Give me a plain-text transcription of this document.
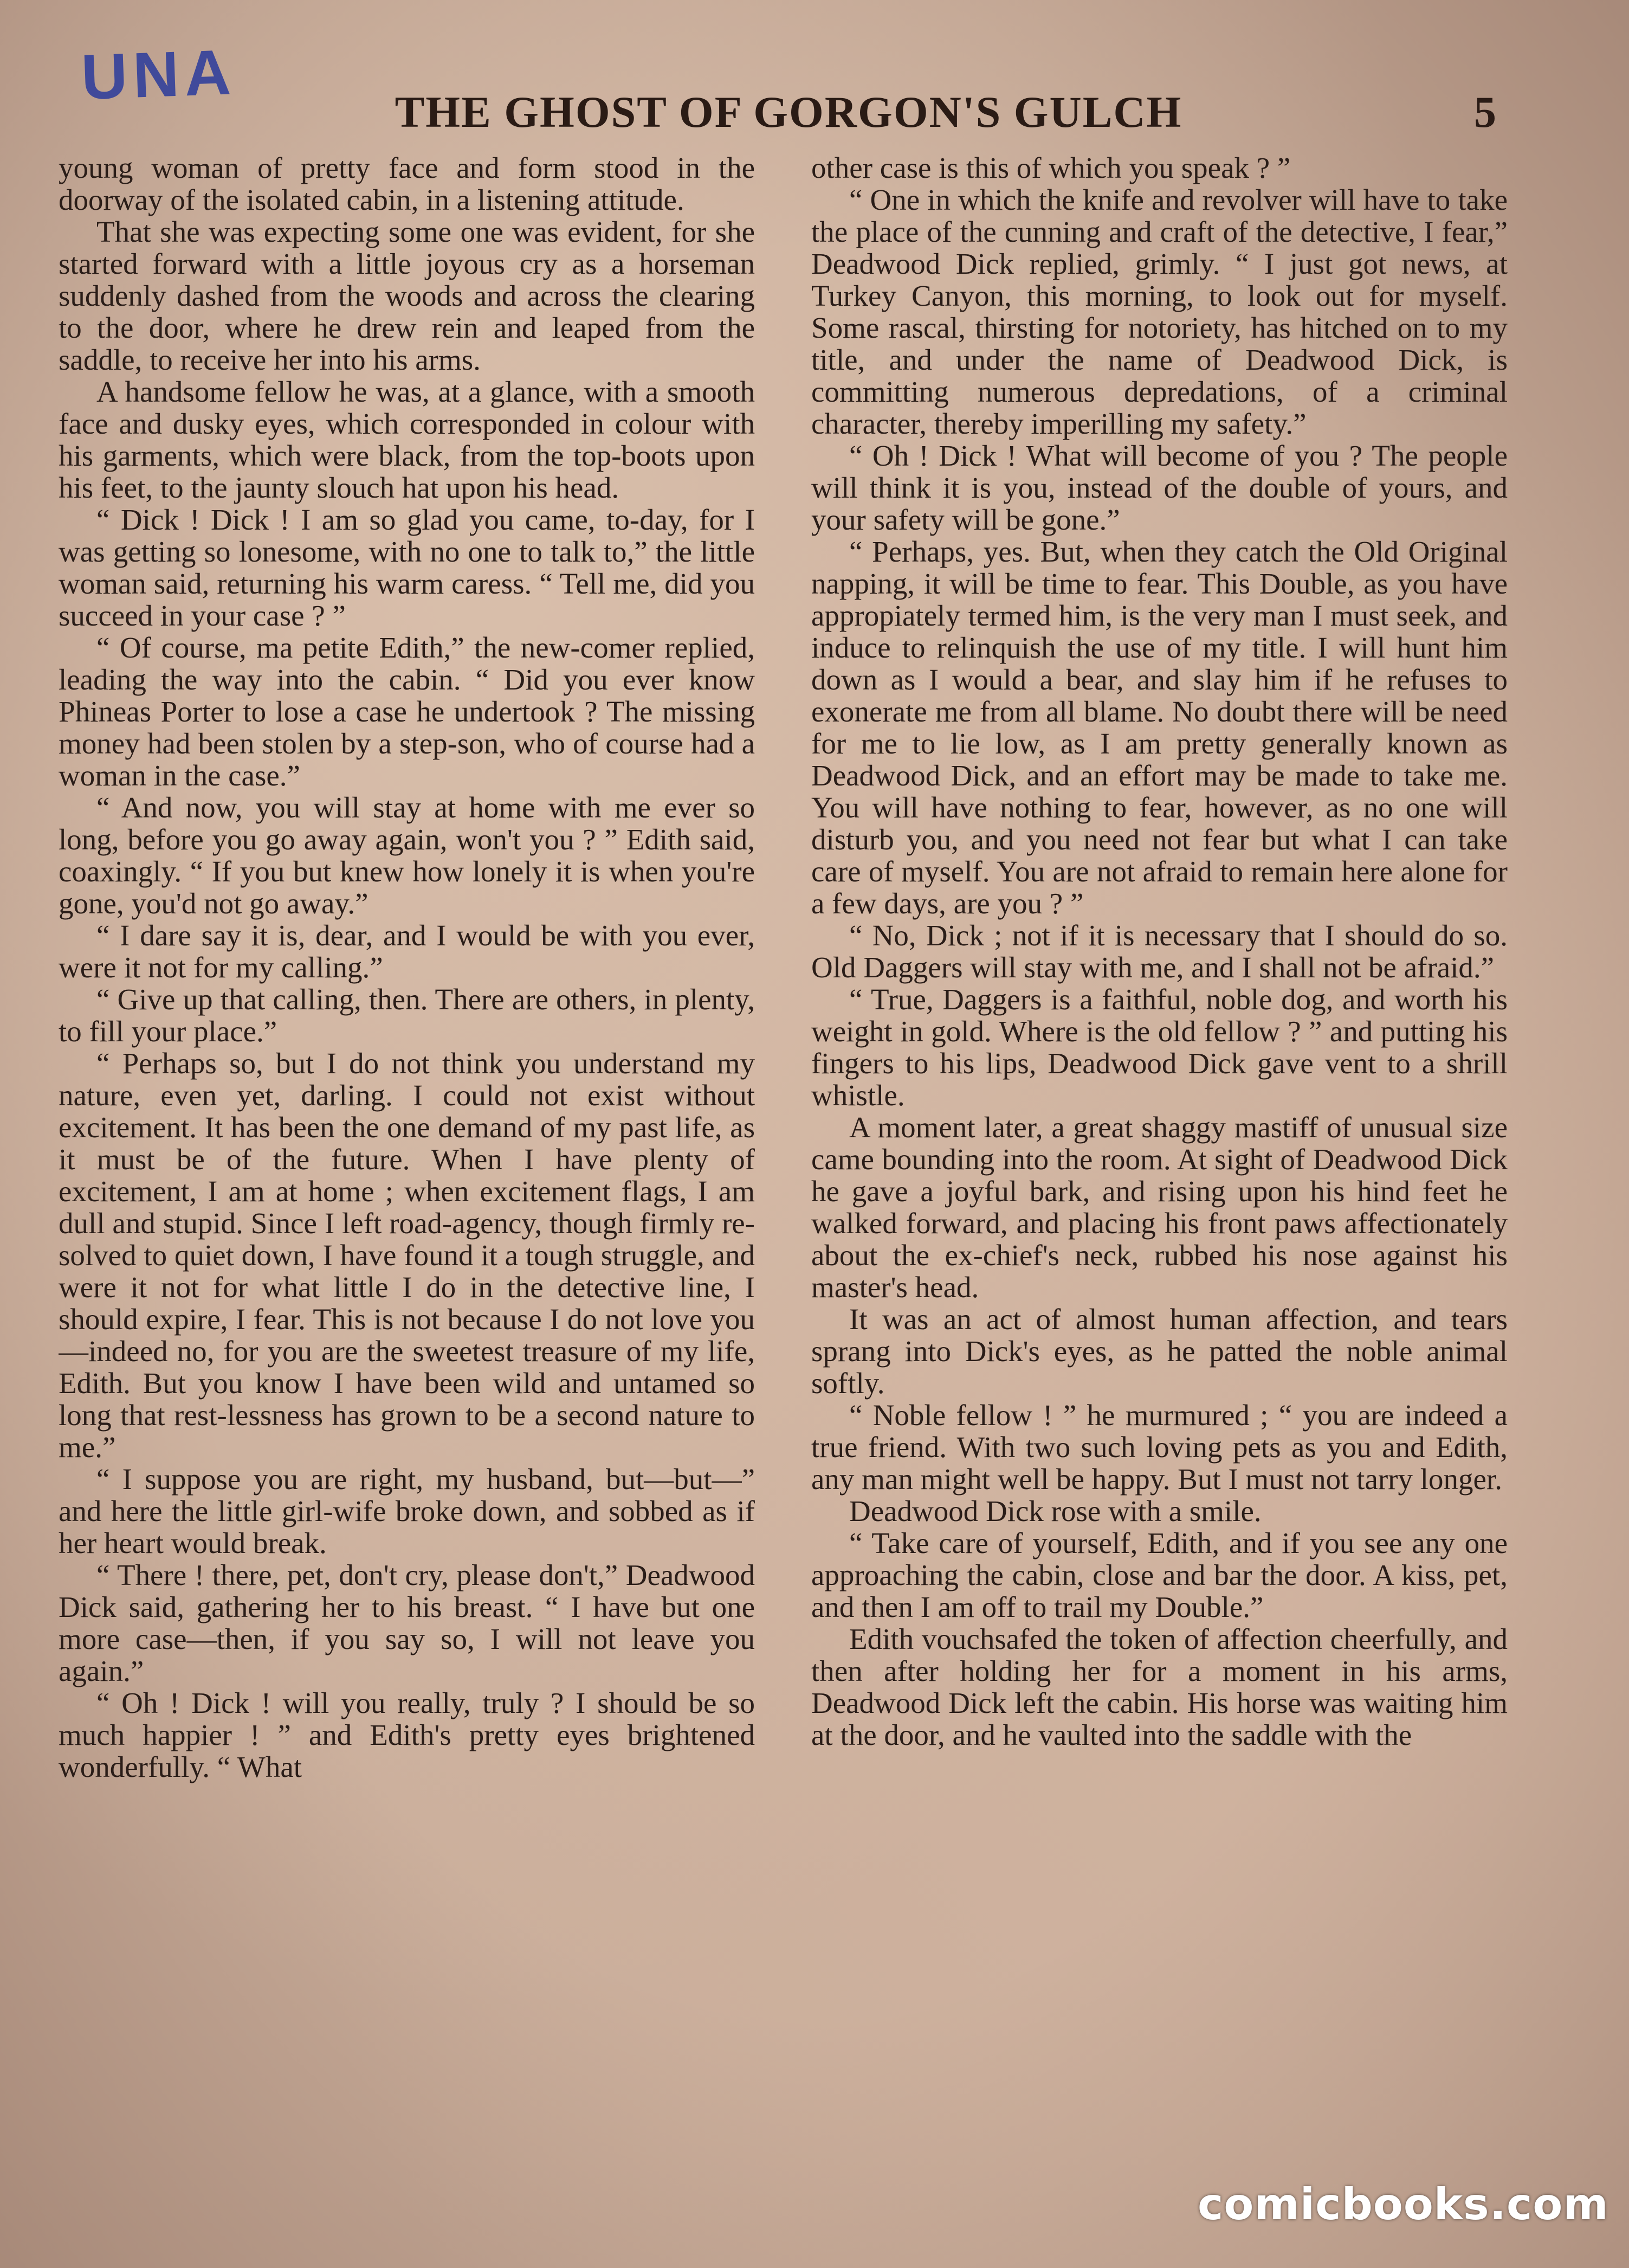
UNA	THE GHOST OF GORGON'S GULCH	5

young woman of pretty face and form stood in the doorway of the isolated cabin, in a listening attitude.

That she was expecting some one was evident, for she started forward with a little joyous cry as a horseman suddenly dashed from the woods and across the clearing to the door, where he drew rein and leaped from the saddle, to receive her into his arms.

A handsome fellow he was, at a glance, with a smooth face and dusky eyes, which corresponded in colour with his garments, which were black, from the top-boots upon his feet, to the jaunty slouch hat upon his head.

“ Dick ! Dick ! I am so glad you came, to-day, for I was getting so lonesome, with no one to talk to,” the little woman said, returning his warm caress. “ Tell me, did you succeed in your case ? ”

“ Of course, ma petite Edith,” the new-comer replied, leading the way into the cabin. “ Did you ever know Phineas Porter to lose a case he undertook ? The missing money had been stolen by a step-son, who of course had a woman in the case.”

“ And now, you will stay at home with me ever so long, before you go away again, won't you ? ” Edith said, coaxingly. “ If you but knew how lonely it is when you're gone, you'd not go away.”

“ I dare say it is, dear, and I would be with you ever, were it not for my calling.”

“ Give up that calling, then. There are others, in plenty, to fill your place.”

“ Perhaps so, but I do not think you understand my nature, even yet, darling. I could not exist without excitement. It has been the one demand of my past life, as it must be of the future. When I have plenty of excitement, I am at home ; when excitement flags, I am dull and stupid. Since I left road-agency, though firmly re-solved to quiet down, I have found it a tough struggle, and were it not for what little I do in the detective line, I should expire, I fear. This is not because I do not love you—indeed no, for you are the sweetest treasure of my life, Edith. But you know I have been wild and untamed so long that rest-lessness has grown to be a second nature to me.”

“ I suppose you are right, my husband, but—but—” and here the little girl-wife broke down, and sobbed as if her heart would break.

“ There ! there, pet, don't cry, please don't,” Deadwood Dick said, gathering her to his breast. “ I have but one more case—then, if you say so, I will not leave you again.”

“ Oh ! Dick ! will you really, truly ? I should be so much happier ! ” and Edith's pretty eyes brightened wonderfully. “ What

other case is this of which you speak ? ”

“ One in which the knife and revolver will have to take the place of the cunning and craft of the detective, I fear,” Deadwood Dick replied, grimly. “ I just got news, at Turkey Canyon, this morning, to look out for myself. Some rascal, thirsting for notoriety, has hitched on to my title, and under the name of Deadwood Dick, is committing numerous depredations, of a criminal character, thereby imperilling my safety.”

“ Oh ! Dick ! What will become of you ? The people will think it is you, instead of the double of yours, and your safety will be gone.”

“ Perhaps, yes. But, when they catch the Old Original napping, it will be time to fear. This Double, as you have appropiately termed him, is the very man I must seek, and induce to relinquish the use of my title. I will hunt him down as I would a bear, and slay him if he refuses to exonerate me from all blame. No doubt there will be need for me to lie low, as I am pretty generally known as Deadwood Dick, and an effort may be made to take me. You will have nothing to fear, however, as no one will disturb you, and you need not fear but what I can take care of myself. You are not afraid to remain here alone for a few days, are you ? ”

“ No, Dick ; not if it is necessary that I should do so. Old Daggers will stay with me, and I shall not be afraid.”

“ True, Daggers is a faithful, noble dog, and worth his weight in gold. Where is the old fellow ? ” and putting his fingers to his lips, Deadwood Dick gave vent to a shrill whistle.

A moment later, a great shaggy mastiff of unusual size came bounding into the room. At sight of Deadwood Dick he gave a joyful bark, and rising upon his hind feet he walked forward, and placing his front paws affectionately about the ex-chief's neck, rubbed his nose against his master's head.

It was an act of almost human affection, and tears sprang into Dick's eyes, as he patted the noble animal softly.

“ Noble fellow ! ” he murmured ; “ you are indeed a true friend. With two such loving pets as you and Edith, any man might well be happy. But I must not tarry longer.

Deadwood Dick rose with a smile.

“ Take care of yourself, Edith, and if you see any one approaching the cabin, close and bar the door. A kiss, pet, and then I am off to trail my Double.”

Edith vouchsafed the token of affection cheerfully, and then after holding her for a moment in his arms, Deadwood Dick left the cabin. His horse was waiting him at the door, and he vaulted into the saddle with the

comicbooks.com
